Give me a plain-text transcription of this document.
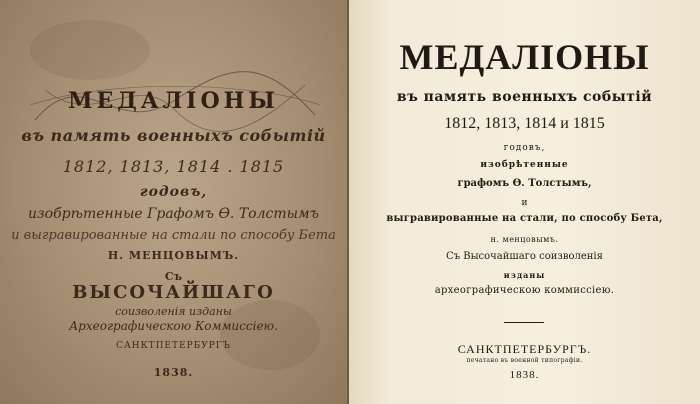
МЕДАЛІОНЫ
въ память военныхъ событій
1812, 1813, 1814 . 1815
годовъ,
изобрѣтенные Графомъ Ѳ. Толстымъ
и выгравированные на стали по способу Бета
Н. МЕНЦОВЫМЪ.
Съ
ВЫСОЧАЙШАГО
соизволенія изданы
Археографическою Коммиссіею.
САНКТПЕТЕРБУРГЪ
1838.
МЕДАЛІОНЫ
въ память военныхъ событій
1812, 1813, 1814 и 1815
годовъ,
изобрѣтенные
графомъ Ѳ. Толстымъ,
и
выгравированные на стали, по способу Бета,
н. менцовымъ.
Съ Высочайшаго соизволенія
изданы
археографическою коммиссіею.
САНКТПЕТЕРБУРГЪ.
печатано въ военной типографіи.
1838.
